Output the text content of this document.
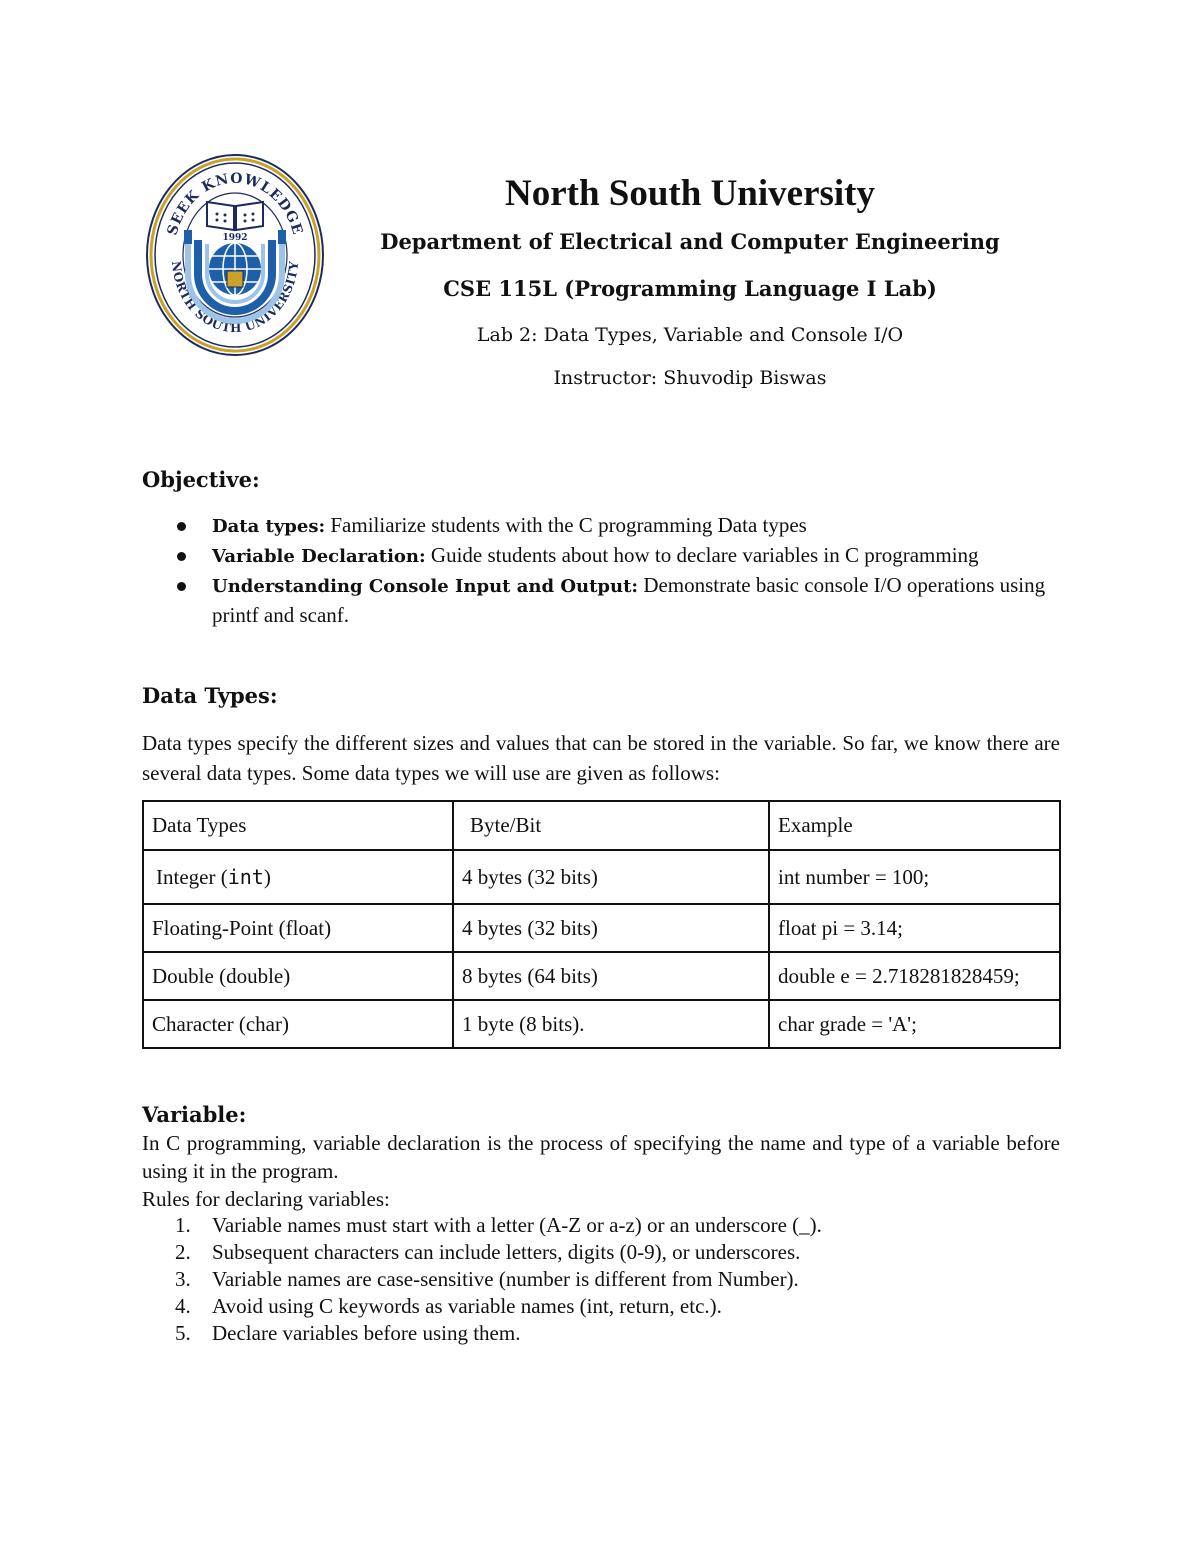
SEEK KNOWLEDGE
NORTH SOUTH UNIVERSITY
1992
North South University
Department of Electrical and Computer Engineering
CSE 115L (Programming Language I Lab)
Lab 2: Data Types, Variable and Console I/O
Instructor: Shuvodip Biswas
Objective:
Data types: Familiarize students with the C programming Data types
Variable Declaration: Guide students about how to declare variables in C programming
Understanding Console Input and Output: Demonstrate basic console I/O operations using printf and scanf.
Data Types:

Data types specify the different sizes and values that can be stored in the variable. So far, we know there are several data types. Some data types we will use are given as follows:

Data Types	Byte/Bit	Example
Integer (int)	4 bytes (32 bits)	int number = 100;
Floating-Point (float)	4 bytes (32 bits)	float pi = 3.14;
Double (double)	8 bytes (64 bits)	double e = 2.718281828459;
Character (char)	1 byte (8 bits).	char grade = 'A';
Variable:

In C programming, variable declaration is the process of specifying the name and type of a variable before using it in the program.

Rules for declaring variables:

1. Variable names must start with a letter (A-Z or a-z) or an underscore (_).
2. Subsequent characters can include letters, digits (0-9), or underscores.
3. Variable names are case-sensitive (number is different from Number).
4. Avoid using C keywords as variable names (int, return, etc.).
5. Declare variables before using them.
